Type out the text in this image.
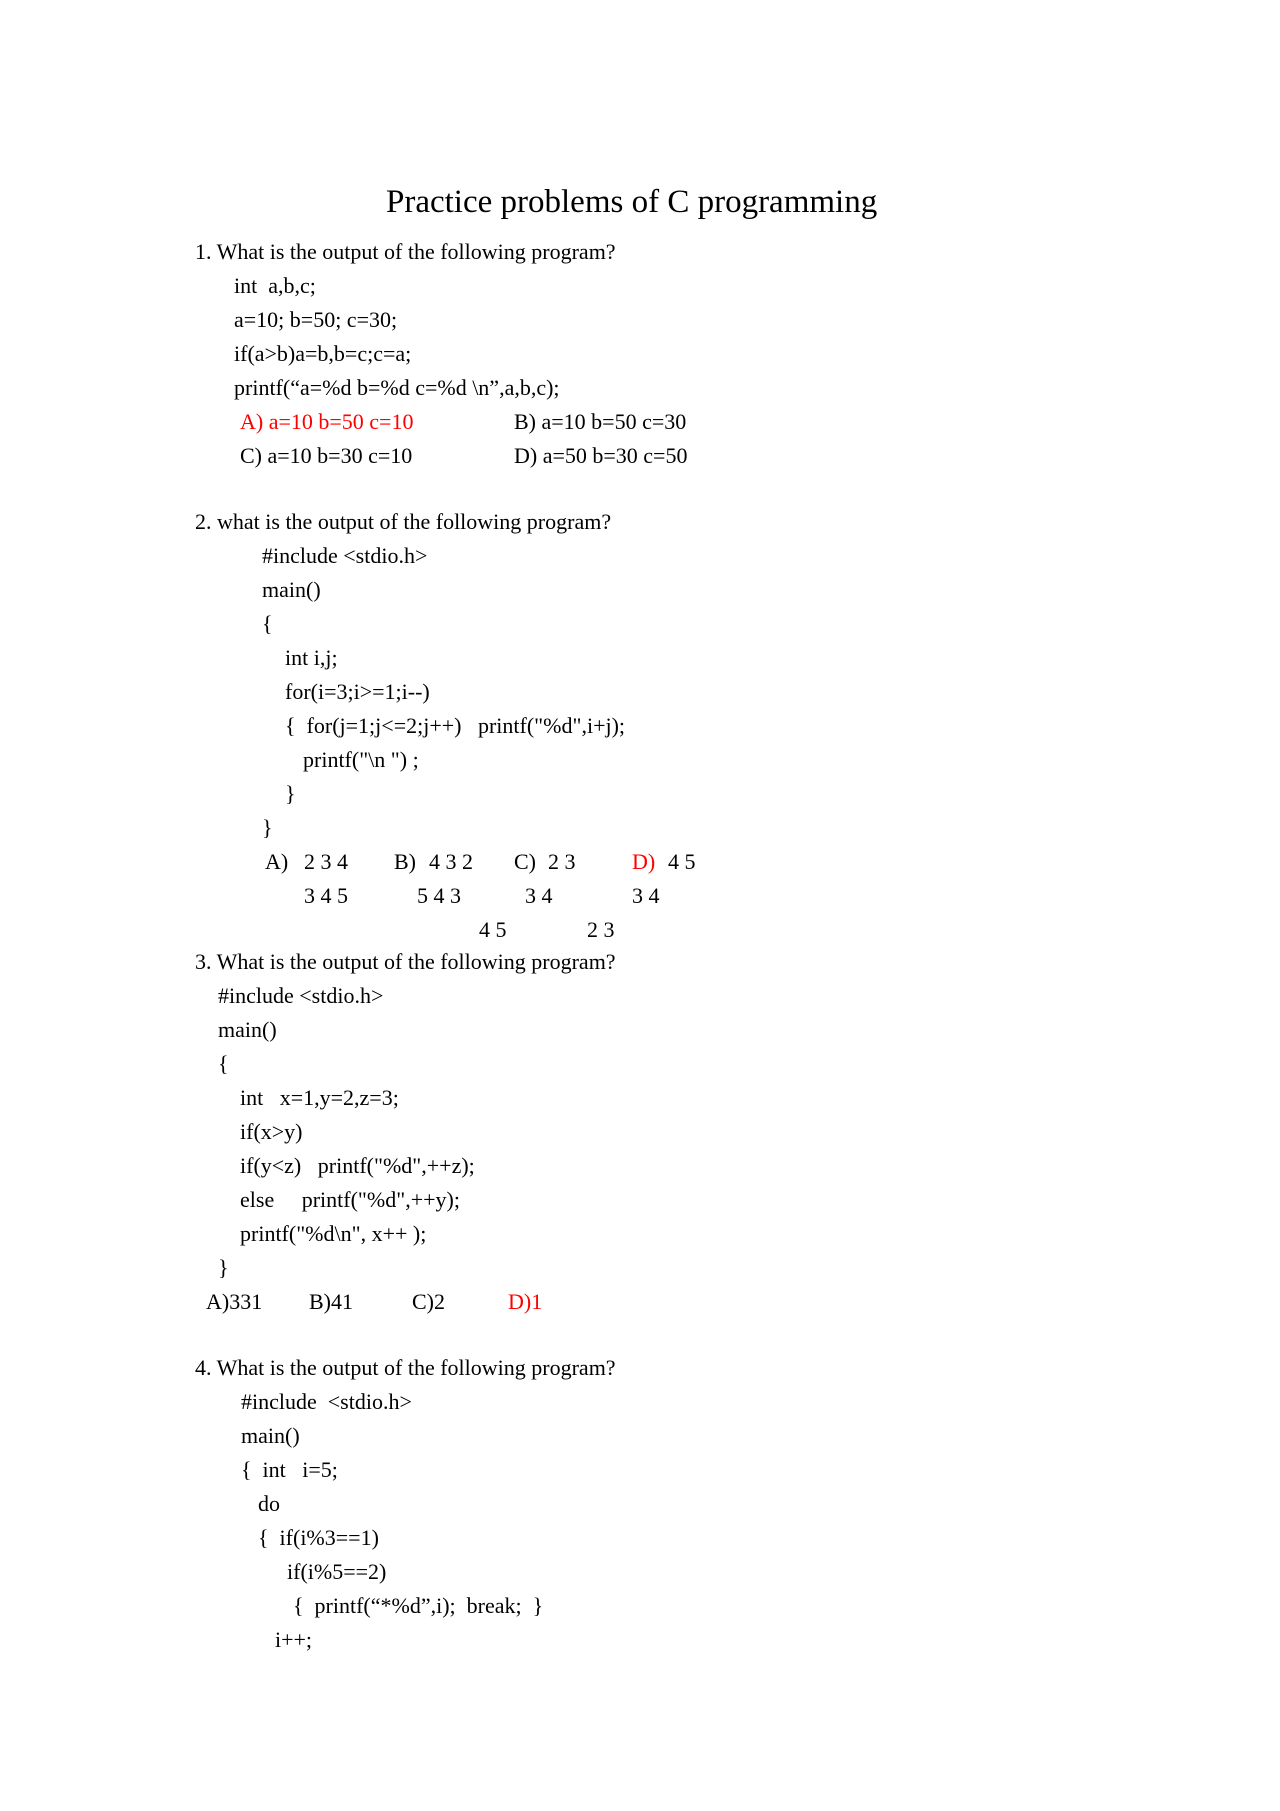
Practice problems of C programming
1. What is the output of the following program?
int  a,b,c;
a=10; b=50; c=30;
if(a>b)a=b,b=c;c=a;
printf(“a=%d b=%d c=%d \n”,a,b,c);
A) a=10 b=50 c=10	B) a=10 b=50 c=30
C) a=10 b=30 c=10	D) a=50 b=30 c=50
2. what is the output of the following program?
#include <stdio.h>
main()
{
int i,j;
for(i=3;i>=1;i--)
{  for(j=1;j<=2;j++)   printf("%d",i+j);
printf("\n ") ;
}
}
A) 2 3 4
3 4 5
B) 4 3 2
5 4 3
C) 2 3
3 4
4 5
D) 4 5
3 4
2 3
3. What is the output of the following program?
#include <stdio.h>
main()
{
int   x=1,y=2,z=3;
if(x>y)
if(y<z)   printf("%d",++z);
else     printf("%d",++y);
printf("%d\n", x++ );
}
A)331 B)41	C)2	D)1
4. What is the output of the following program?
#include  <stdio.h>
main()
{  int   i=5;
do
{  if(i%3==1)
if(i%5==2)
{  printf(“*%d”,i);  break;  }
i++;
